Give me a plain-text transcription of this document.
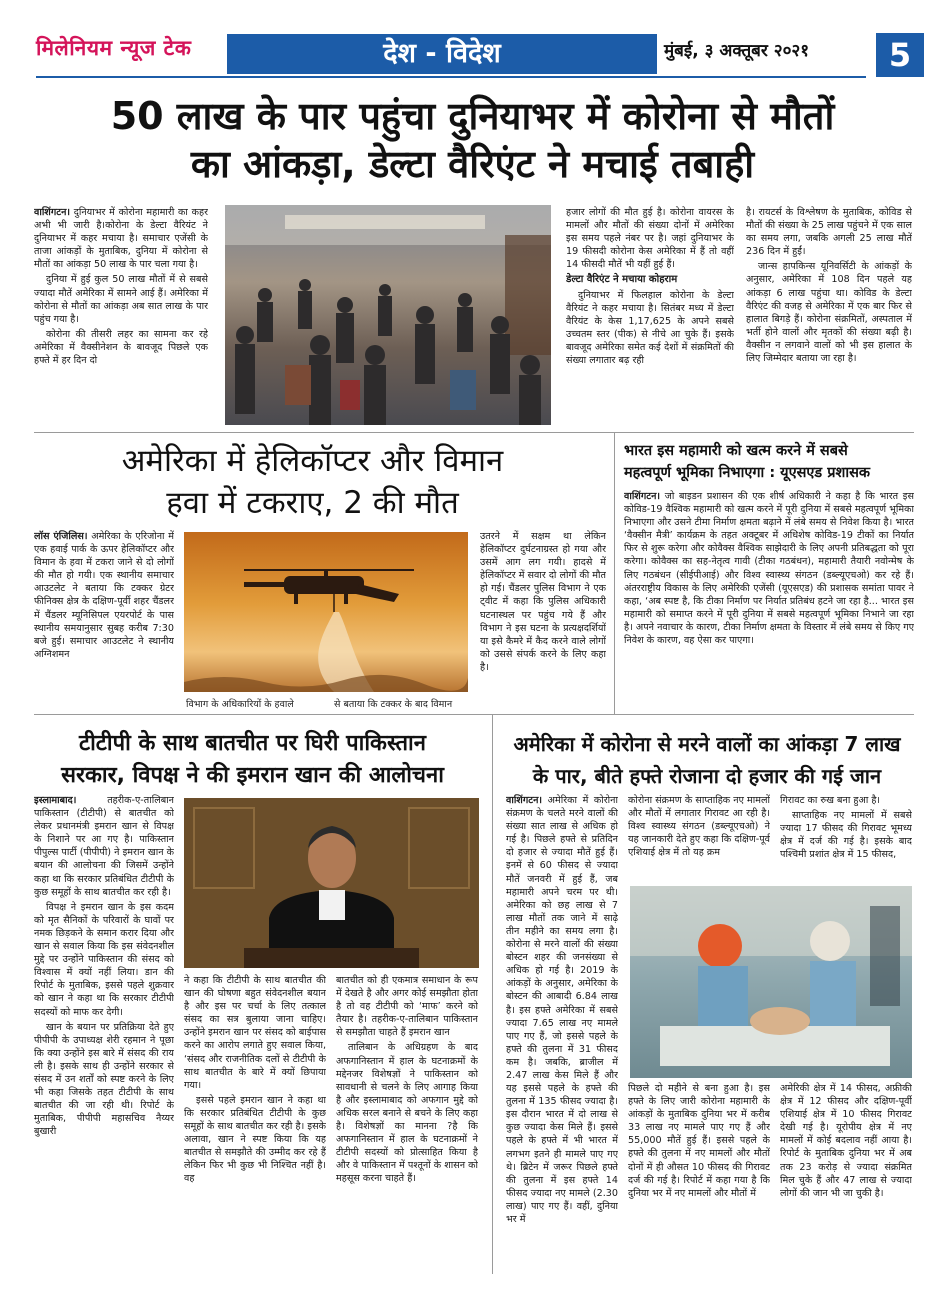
मिलेनियम न्यूज टेक	देश - विदेश	मुंबई, ३ अक्तूबर २०२१	5
50 लाख के पार पहुंचा दुनियाभर में कोरोना से मौतों
का आंकड़ा, डेल्टा वैरिएंट ने मचाई तबाही

वाशिंगटन। दुनियाभर में कोरोना महामारी का कहर अभी भी जारी है।कोरोना के डेल्टा वैरियंट ने दुनियाभर में कहर मचाया है। समाचार एजेंसी के ताजा आंकड़ों के मुताबिक, दुनिया में कोरोना से मौतों का आंकड़ा 50 लाख के पार चला गया है।

दुनिया में हुई कुल 50 लाख मौतों में से सबसे ज्यादा मौतें अमेरिका में सामने आई हैं। अमेरिका में कोरोना से मौतों का आंकड़ा अब सात लाख के पार पहुंच गया है।

कोरोना की तीसरी लहर का सामना कर रहे अमेरिका में वैक्सीनेशन के बावजूद पिछले एक हफ्ते में हर दिन दो

हजार लोगों की मौत हुई है। कोरोना वायरस के मामलों और मौतों की संख्या दोनों में अमेरिका इस समय पहले नंबर पर है। जहां दुनियाभर के 19 फीसदी कोरोना केस अमेरिका में हैं तो वहीं 14 फीसदी मौतें भी यहीं हुई हैं।

डेल्टा वैरिएंट ने मचाया कोहराम

दुनियाभर में फिलहाल कोरोना के डेल्टा वैरियंट ने कहर मचाया है। सितंबर मध्य में डेल्टा वैरियंट के केस 1,17,625 के अपने सबसे उच्चतम स्तर (पीक) से नीचे आ चुके हैं। इसके बावजूद अमेरिका समेत कई देशों में संक्रमितों की संख्या लगातार बढ़ रही

है। रायटर्स के विश्लेषण के मुताबिक, कोविड से मौतों की संख्या के 25 लाख पहुंचने में एक साल का समय लगा, जबकि अगली 25 लाख मौतें 236 दिन में हुईं।

जान्स हापकिन्स यूनिवर्सिटी के आंकड़ों के अनुसार, अमेरिका में 108 दिन पहले यह आंकड़ा 6 लाख पहुंचा था। कोविड के डेल्टा वैरिएंट की वजह से अमेरिका में एक बार फिर से हालात बिगड़े हैं। कोरोना संक्रमितों, अस्पताल में भर्ती होने वालों और मृतकों की संख्या बढ़ी है। वैक्सीन न लगवाने वालों को भी इस हालात के लिए जिम्मेदार बताया जा रहा है।

अमेरिका में हेलिकॉप्टर और विमान
हवा में टकराए, 2 की मौत

लॉस एंजिलिस। अमेरिका के एरिजोना में एक हवाई पार्क के ऊपर हेलिकॉप्टर और विमान के हवा में टकरा जाने से दो लोगों की मौत हो गयी। एक स्थानीय समाचार आउटलेट ने बताया कि टक्कर ग्रेटर फीनिक्स क्षेत्र के दक्षिण-पूर्वी शहर चैंडलर में चैंडलर म्यूनिसिपल एयरपोर्ट के पास स्थानीय समयानुसार सुबह करीब 7:30 बजे हुई। समाचार आउटलेट ने स्थानीय अग्निशमन

विभाग के अधिकारियों के हवाले	से बताया कि टक्कर के बाद विमान

उतरने में सक्षम था लेकिन हेलिकॉप्टर दुर्घटनाग्रस्त हो गया और उसमें आग लग गयी। हादसे में हेलिकॉप्टर में सवार दो लोगों की मौत हो गई। चैंडलर पुलिस विभाग ने एक ट्वीट में कहा कि पुलिस अधिकारी घटनास्थल पर पहुंच गये हैं और विभाग ने इस घटना के प्रत्यक्षदर्शियों या इसे कैमरे में कैद करने वाले लोगों को उससे संपर्क करने के लिए कहा है।

भारत इस महामारी को खत्म करने में सबसे
महत्वपूर्ण भूमिका निभाएगा : यूएसएड प्रशासक

वाशिंगटन। जो बाइडन प्रशासन की एक शीर्ष अधिकारी ने कहा है कि भारत इस कोविड-19 वैश्विक महामारी को खत्म करने में पूरी दुनिया में सबसे महत्वपूर्ण भूमिका निभाएगा और उसने टीमा निर्माण क्षमता बढ़ाने में लंबे समय से निवेश किया है। भारत ‘वैक्सीन मैत्री’ कार्यक्रम के तहत अक्टूबर में अधिशेष कोविड-19 टीकों का निर्यात फिर से शुरू करेगा और कोवैक्स वैश्विक साझेदारी के लिए अपनी प्रतिबद्धता को पूरा करेगा। कोवैक्स का सह-नेतृत्व गावी (टीका गठबंधन), महामारी तैयारी नवोन्मेष के लिए गठबंधन (सीईपीआई) और विश्व स्वास्थ्य संगठन (डब्ल्यूएचओ) कर रहे हैं। अंतरराष्ट्रीय विकास के लिए अमेरिकी एजेंसी (यूएसएड) की प्रशासक समांता पावर ने कहा, ‘अब स्पष्ट है, कि टीका निर्माण पर निर्यात प्रतिबंध हटने जा रहा है... भारत इस महामारी को समाप्त करने में पूरी दुनिया में सबसे महत्वपूर्ण भूमिका निभाने जा रहा है। अपने नवाचार के कारण, टीका निर्माण क्षमता के विस्तार में लंबे समय से किए गए निवेश के कारण, वह ऐसा कर पाएगा।

टीटीपी के साथ बातचीत पर घिरी पाकिस्तान
सरकार, विपक्ष ने की इमरान खान की आलोचना

इस्लामाबाद।	तहरीक-ए-तालिबान पाकिस्तान (टीटीपी) से बातचीत को लेकर प्रधानमंत्री इमरान खान से विपक्ष के निशाने पर आ गए है। पाकिस्तान पीपुल्स पार्टी (पीपीपी) ने इमरान खान के बयान की आलोचना की जिसमें उन्होंने कहा था कि सरकार प्रतिबंधित टीटीपी के कुछ समूहों के साथ बातचीत कर रही है।

विपक्ष ने इमरान खान के इस कदम को मृत सैनिकों के परिवारों के घावों पर नमक छिड़कने के समान करार दिया और खान से सवाल किया कि इस संवेदनशील मुद्दे पर उन्होंने पाकिस्तान की संसद को विश्वास में क्यों नहीं लिया। डान की रिपोर्ट के मुताबिक, इससे पहले शुक्रवार को खान ने कहा था कि सरकार टीटीपी सदस्यों को माफ कर देगी।

खान के बयान पर प्रतिक्रिया देते हुए पीपीपी के उपाध्यक्ष शेरी रहमान ने पूछा कि क्या उन्होंने इस बारे में संसद की राय ली है। इसके साथ ही उन्होंने सरकार से संसद में उन शर्तों को स्पष्ट करने के लिए भी कहा जिसके तहत टीटीपी के साथ बातचीत की जा रही थी। रिपोर्ट के मुताबिक, पीपीपी महासचिव नैय्यर बुखारी

ने कहा कि टीटीपी के साथ बातचीत की खान की घोषणा बहुत संवेदनशील बयान है और इस पर चर्चा के लिए तत्काल संसद का सत्र बुलाया जाना चाहिए। उन्होंने इमरान खान पर संसद को बाईपास करने का आरोप लगाते हुए सवाल किया, ‘संसद और राजनीतिक दलों से टीटीपी के साथ बातचीत के बारे में क्यों छिपाया गया।

इससे पहले इमरान खान ने कहा था कि सरकार प्रतिबंधित टीटीपी के कुछ समूहों के साथ बातचीत कर रही है। इसके अलावा, खान ने स्पष्ट किया कि यह बातचीत से समझौते की उम्मीद कर रहे हैं लेकिन फिर भी कुछ भी निश्चित नहीं है। वह

बातचीत को ही एकमात्र समाधान के रूप में देखते है और अगर कोई समझौता होता है तो वह टीटीपी को ‘माफ’ करने को तैयार है। तहरीक-ए-तालिबान पाकिस्तान से समझौता चाहते हैं इमरान खान

तालिबान के अधिग्रहण के बाद अफगानिस्तान में हाल के घटनाक्रमों के मद्देनजर विशेषज्ञों ने पाकिस्तान को सावधानी से चलने के लिए आगाह किया है और इस्लामाबाद को अफगान मुद्दे को अधिक सरल बनाने से बचने के लिए कहा है। विशेषज्ञों का मानना ?है कि अफगानिस्तान में हाल के घटनाक्रमों ने टीटीपी सदस्यों को प्रोत्साहित किया है और वे पाकिस्तान में पश्तूनों के शासन को महसूस करना चाहते हैं।

अमेरिका में कोरोना से मरने वालों का आंकड़ा 7 लाख
के पार, बीते हफ्ते रोजाना दो हजार की गई जान

वाशिंगटन। अमेरिका में कोरोना संक्रमण के चलते मरने वालों की संख्या सात लाख से अधिक हो गई है। पिछले हफ्ते से प्रतिदिन दो हजार से ज्यादा मौतें हुई हैं। इनमें से 60 फीसद से ज्यादा मौतें जनवरी में हुई हैं, जब महामारी अपने चरम पर थी। अमेरिका को छह लाख से 7 लाख मौतों तक जाने में साढ़े तीन महीने का समय लगा है। कोरोना से मरने वालों की संख्या बोस्टन शहर की जनसंख्या से अधिक हो गई है। 2019 के आंकड़ों के अनुसार, अमेरिका के बोस्टन की आबादी 6.84 लाख है। इस हफ्ते अमेरिका में सबसे ज्यादा 7.65 लाख नए मामले पाए गए हैं, जो इससे पहले के हफ्ते की तुलना में 31 फीसद कम है। जबकि, ब्राजील में 2.47 लाख केस मिले हैं और यह इससे पहले के हफ्ते की तुलना में 135 फीसद ज्यादा है। इस दौरान भारत में दो लाख से कुछ ज्यादा केस मिले हैं। इससे पहले के हफ्ते में भी भारत में लगभग इतने ही मामले पाए गए थे। ब्रिटेन में जरूर पिछले हफ्ते की तुलना में इस हफ्ते 14 फीसद ज्यादा नए मामले (2.30 लाख) पाए गए हैं। वहीं, दुनिया भर में

कोरोना संक्रमण के साप्ताहिक नए मामलों और मौतों में लगातार गिरावट आ रही है। विश्व स्वास्थ्य संगठन (डब्ल्यूएचओ) ने यह जानकारी देते हुए कहा कि दक्षिण-पूर्व एशियाई क्षेत्र में तो यह क्रम

गिरावट का रुख बना हुआ है।

साप्ताहिक नए मामलों में सबसे ज्यादा 17 फीसद की गिरावट भूमध्य क्षेत्र में दर्ज की गई है। इसके बाद पश्चिमी प्रशांत क्षेत्र में 15 फीसद,

पिछले दो महीने से बना हुआ है। इस हफ्ते के लिए जारी कोरोना महामारी के आंकड़ों के मुताबिक दुनिया भर में करीब 33 लाख नए मामले पाए गए हैं और 55,000 मौतें हुई हैं। इससे पहले के हफ्ते की तुलना में नए मामलों और मौतों दोनों में ही औसत 10 फीसद की गिरावट दर्ज की गई है। रिपोर्ट में कहा गया है कि दुनिया भर में नए मामलों और मौतों में

अमेरिकी क्षेत्र में 14 फीसद, अफ्रीकी क्षेत्र में 12 फीसद और दक्षिण-पूर्वी एशियाई क्षेत्र में 10 फीसद गिरावट देखी गई है। यूरोपीय क्षेत्र में नए मामलों में कोई बदलाव नहीं आया है। रिपोर्ट के मुताबिक दुनिया भर में अब तक 23 करोड़ से ज्यादा संक्रमित मिल चुके हैं और 47 लाख से ज्यादा लोगों की जान भी जा चुकी है।
